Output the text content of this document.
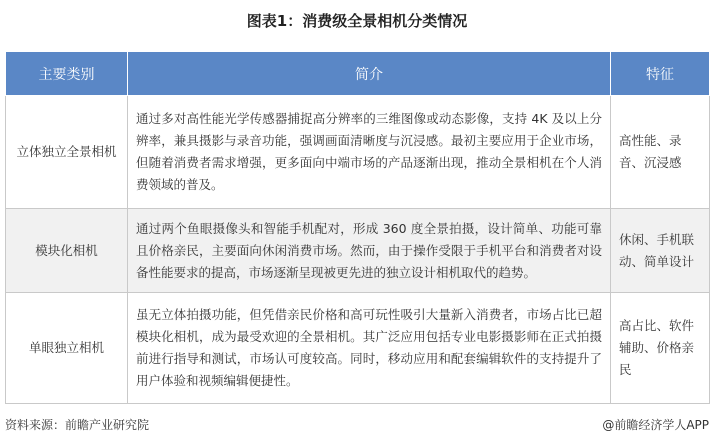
图表1：消费级全景相机分类情况
主要类别	简介	特征
立体独立全景相机	通过多对高性能光学传感器捕捉高分辨率的三维图像或动态影像，支持 4K 及以上分辨率，兼具摄影与录音功能，强调画面清晰度与沉浸感。最初主要应用于企业市场，但随着消费者需求增强，更多面向中端市场的产品逐渐出现，推动全景相机在个人消费领域的普及。	高性能、录音、沉浸感
模块化相机	通过两个鱼眼摄像头和智能手机配对，形成 360 度全景拍摄，设计简单、功能可靠且价格亲民，主要面向休闲消费市场。然而，由于操作受限于手机平台和消费者对设备性能要求的提高，市场逐渐呈现被更先进的独立设计相机取代的趋势。	休闲、手机联动、简单设计
单眼独立相机	虽无立体拍摄功能，但凭借亲民价格和高可玩性吸引大量新入消费者，市场占比已超模块化相机，成为最受欢迎的全景相机。其广泛应用包括专业电影摄影师在正式拍摄前进行指导和测试，市场认可度较高。同时，移动应用和配套编辑软件的支持提升了用户体验和视频编辑便捷性。	高占比、软件辅助、价格亲民
资料来源：前瞻产业研究院	@前瞻经济学人APP
